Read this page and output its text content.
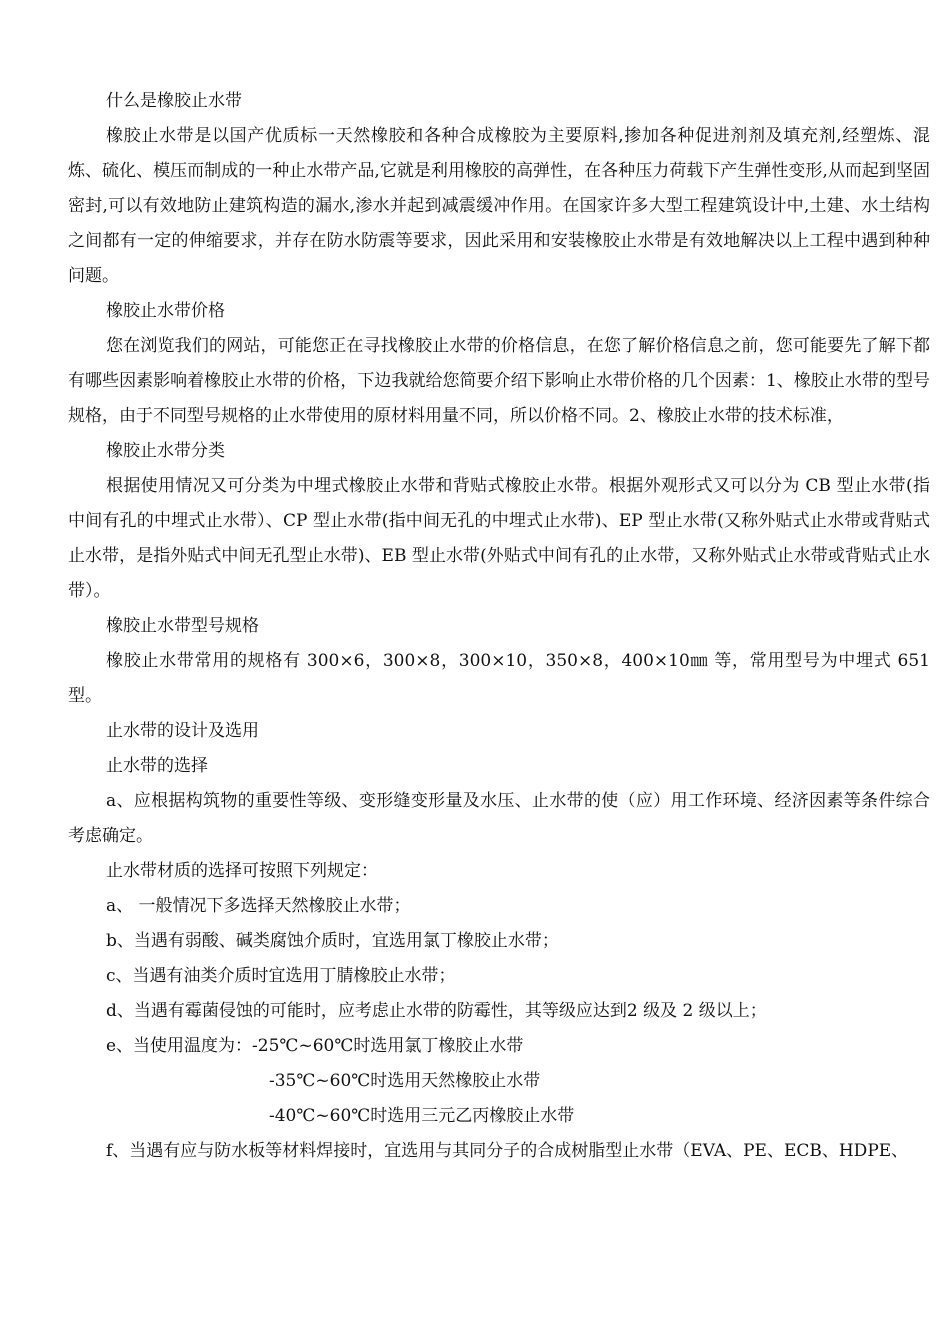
什么是橡胶止水带

橡胶止水带是以国产优质标一天然橡胶和各种合成橡胶为主要原料,掺加各种促进剂剂及填充剂,经塑炼、混炼、硫化、模压而制成的一种止水带产品,它就是利用橡胶的高弹性，在各种压力荷载下产生弹性变形,从而起到坚固密封,可以有效地防止建筑构造的漏水,渗水并起到减震缓冲作用。在国家许多大型工程建筑设计中,土建、水土结构之间都有一定的伸缩要求，并存在防水防震等要求，因此采用和安装橡胶止水带是有效地解决以上工程中遇到种种问题。

橡胶止水带价格

您在浏览我们的网站，可能您正在寻找橡胶止水带的价格信息，在您了解价格信息之前，您可能要先了解下都有哪些因素影响着橡胶止水带的价格，下边我就给您简要介绍下影响止水带价格的几个因素：1、橡胶止水带的型号规格，由于不同型号规格的止水带使用的原材料用量不同，所以价格不同。2、橡胶止水带的技术标准，

橡胶止水带分类

根据使用情况又可分类为中埋式橡胶止水带和背贴式橡胶止水带。根据外观形式又可以分为 CB 型止水带(指中间有孔的中埋式止水带）、CP 型止水带(指中间无孔的中埋式止水带)、EP 型止水带(又称外贴式止水带或背贴式止水带，是指外贴式中间无孔型止水带)、EB 型止水带(外贴式中间有孔的止水带，又称外贴式止水带或背贴式止水带）。

橡胶止水带型号规格

橡胶止水带常用的规格有 300×6，300×8，300×10，350×8，400×10㎜ 等，常用型号为中埋式 651 型。

止水带的设计及选用

止水带的选择

a、应根据构筑物的重要性等级、变形缝变形量及水压、止水带的使（应）用工作环境、经济因素等条件综合考虑确定。

止水带材质的选择可按照下列规定：

a、 一般情况下多选择天然橡胶止水带；

b、当遇有弱酸、碱类腐蚀介质时，宜选用氯丁橡胶止水带；

c、当遇有油类介质时宜选用丁腈橡胶止水带；

d、当遇有霉菌侵蚀的可能时，应考虑止水带的防霉性，其等级应达到2 级及 2 级以上；

e、当使用温度为：-25℃~60℃时选用氯丁橡胶止水带

-35℃~60℃时选用天然橡胶止水带

-40℃~60℃时选用三元乙丙橡胶止水带

f、当遇有应与防水板等材料焊接时，宜选用与其同分子的合成树脂型止水带（EVA、PE、ECB、HDPE、
